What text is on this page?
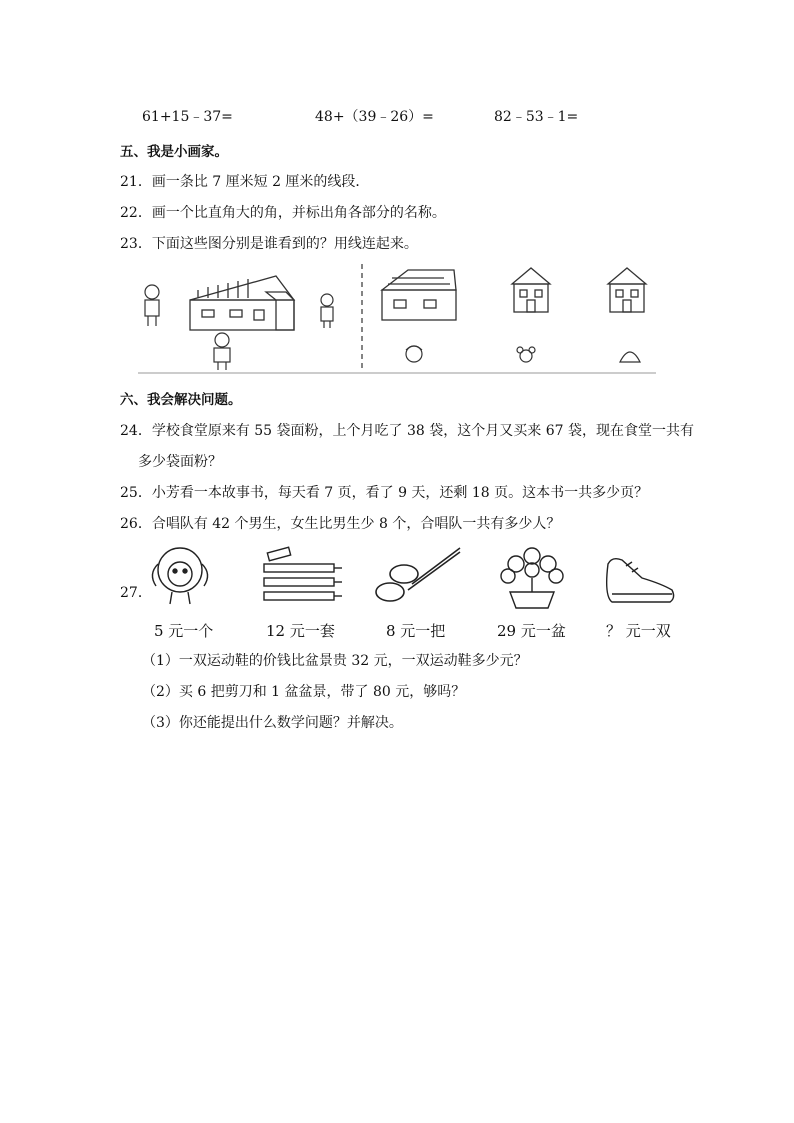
61+15﹣37=	48+（39﹣26）=	82﹣53﹣1=
五、我是小画家。
21．画一条比 7 厘米短 2 厘米的线段．
22．画一个比直角大的角，并标出角各部分的名称。
23．下面这些图分别是谁看到的？用线连起来。
六、我会解决问题。
24．学校食堂原来有 55 袋面粉，上个月吃了 38 袋，这个月又买来 67 袋，现在食堂一共有
多少袋面粉？
25．小芳看一本故事书，每天看 7 页，看了 9 天，还剩 18 页。这本书一共多少页？
26．合唱队有 42 个男生，女生比男生少 8 个，合唱队一共有多少人？
27．
5 元一个	12 元一套	8 元一把	29 元一盆	？ 元一双
（1）一双运动鞋的价钱比盆景贵 32 元，一双运动鞋多少元？
（2）买 6 把剪刀和 1 盆盆景，带了 80 元，够吗？
（3）你还能提出什么数学问题？并解决。
